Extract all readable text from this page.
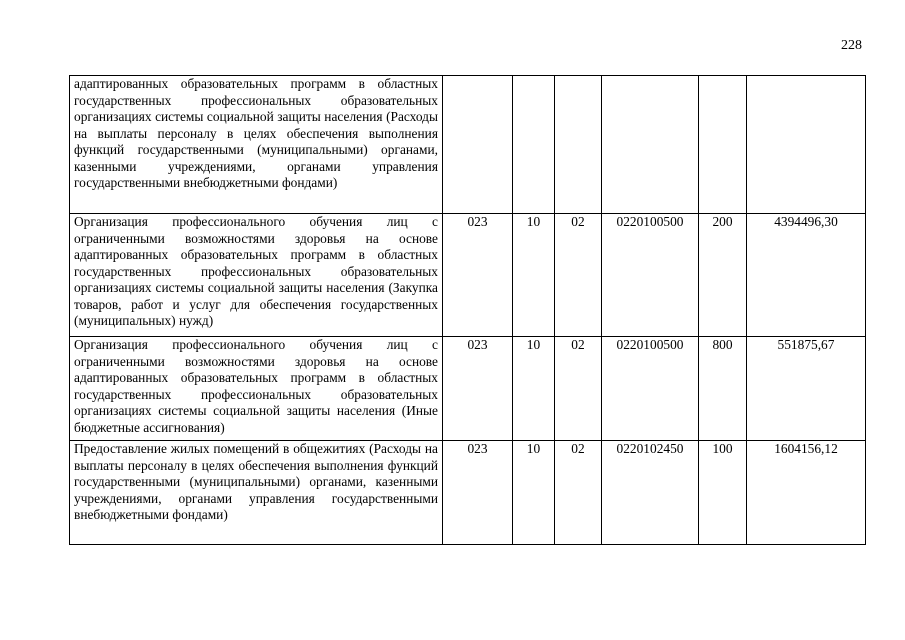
228
адаптированных образовательных программ в областных государственных профессиональных образовательных организациях системы социальной защиты населения (Расходы на выплаты персоналу в целях обеспечения выполнения функций государственными (муниципальными) органами, казенными учреждениями, органами управления государственными внебюджетными фондами)						
Организация профессионального обучения лиц с ограниченными возможностями здоровья на основе адаптированных образовательных программ в областных государственных профессиональных образовательных организациях системы социальной защиты населения (Закупка товаров, работ и услуг для обеспечения государственных (муниципальных) нужд)	023	10	02	0220100500	200	4394496,30
Организация профессионального обучения лиц с ограниченными возможностями здоровья на основе адаптированных образовательных программ в областных государственных профессиональных образовательных организациях системы социальной защиты населения (Иные бюджетные ассигнования)	023	10	02	0220100500	800	551875,67
Предоставление жилых помещений в общежитиях (Расходы на выплаты персоналу в целях обеспечения выполнения функций государственными (муниципальными) органами, казенными учреждениями, органами управления государственными внебюджетными фондами)	023	10	02	0220102450	100	1604156,12
